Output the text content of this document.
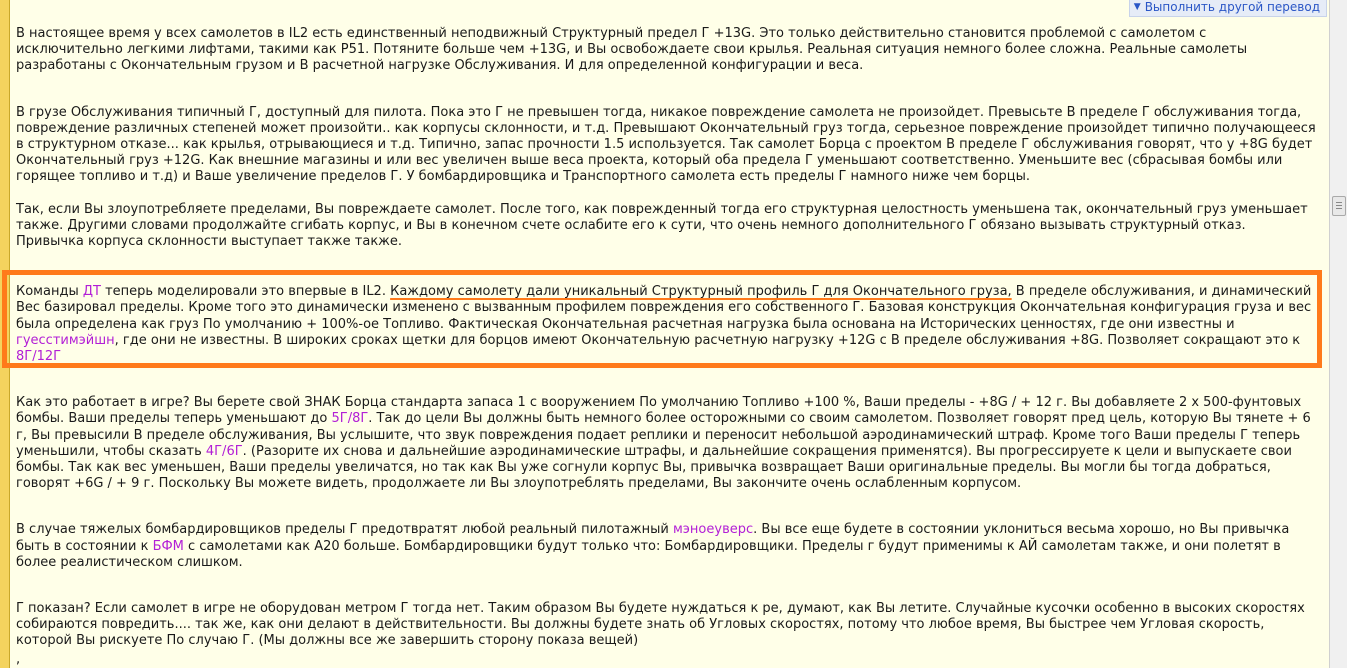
▼ Выполнить другой перевод

В настоящее время у всех самолетов в IL2 есть единственный неподвижный Структурный предел Г +13G. Это только действительно становится проблемой с самолетом с исключительно легкими лифтами, такими как P51. Потяните больше чем +13G, и Вы освобождаете свои крылья. Реальная ситуация немного более сложна. Реальные самолеты разработаны с Окончательным грузом и В расчетной нагрузке Обслуживания. И для определенной конфигурации и веса.

В грузе Обслуживания типичный Г, доступный для пилота. Пока это Г не превышен тогда, никакое повреждение самолета не произойдет. Превысьте В пределе Г обслуживания тогда, повреждение различных степеней может произойти.. как корпусы склонности, и т.д. Превышают Окончательный груз тогда, серьезное повреждение произойдет типично получающееся в структурном отказе... как крылья, отрывающиеся и т.д. Типично, запас прочности 1.5 используется. Так самолет Борца с проектом В пределе Г обслуживания говорят, что у +8G будет Окончательный груз +12G. Как внешние магазины и или вес увеличен выше веса проекта, который оба предела Г уменьшают соответственно. Уменьшите вес (сбрасывая бомбы или горящее топливо и т.д) и Ваше увеличение пределов Г. У бомбардировщика и Транспортного самолета есть пределы Г намного ниже чем борцы.

Так, если Вы злоупотребляете пределами, Вы повреждаете самолет. После того, как поврежденный тогда его структурная целостность уменьшена так, окончательный груз уменьшает также. Другими словами продолжайте сгибать корпус, и Вы в конечном счете ослабите его к сути, что очень немного дополнительного Г обязано вызывать структурный отказ. Привычка корпуса склонности выступает также также.

Команды ДТ теперь моделировали это впервые в IL2. Каждому самолету дали уникальный Структурный профиль Г для Окончательного груза, В пределе обслуживания, и динамический Вес базировал пределы. Кроме того это динамически изменено с вызванным профилем повреждения его собственного Г. Базовая конструкция Окончательная конфигурация груза и вес была определена как груз По умолчанию + 100%-ое Топливо. Фактическая Окончательная расчетная нагрузка была основана на Исторических ценностях, где они известны и гуесстимэйшн, где они не известны. В широких сроках щетки для борцов имеют Окончательную расчетную нагрузку +12G с В пределе обслуживания +8G. Позволяет сокращают это к 8Г/12Г

Как это работает в игре? Вы берете свой ЗНАК Борца стандарта запаса 1 с вооружением По умолчанию Топливо +100 %, Ваши пределы - +8G / + 12 г. Вы добавляете 2 x 500-фунтовых бомбы. Ваши пределы теперь уменьшают до 5Г/8Г. Так до цели Вы должны быть немного более осторожными со своим самолетом. Позволяет говорят пред цель, которую Вы тянете + 6 г, Вы превысили В пределе обслуживания, Вы услышите, что звук повреждения подает реплики и переносит небольшой аэродинамический штраф. Кроме того Ваши пределы Г теперь уменьшили, чтобы сказать 4Г/6Г. (Разорите их снова и дальнейшие аэродинамические штрафы, и дальнейшие сокращения применятся). Вы прогрессируете к цели и выпускаете свои бомбы. Так как вес уменьшен, Ваши пределы увеличатся, но так как Вы уже согнули корпус Вы, привычка возвращает Ваши оригинальные пределы. Вы могли бы тогда добраться, говорят +6G / + 9 г. Поскольку Вы можете видеть, продолжаете ли Вы злоупотреблять пределами, Вы закончите очень ослабленным корпусом.

В случае тяжелых бомбардировщиков пределы Г предотвратят любой реальный пилотажный мэноеуверс. Вы все еще будете в состоянии уклониться весьма хорошо, но Вы привычка быть в состоянии к БФМ с самолетами как A20 больше. Бомбардировщики будут только что: Бомбардировщики. Пределы г будут применимы к АЙ самолетам также, и они полетят в более реалистическом слишком.

Г показан? Если самолет в игре не оборудован метром Г тогда нет. Таким образом Вы будете нуждаться к ре, думают, как Вы летите. Случайные кусочки особенно в высоких скоростях собираются повредить.... так же, как они делают в действительности. Вы должны будете знать об Угловых скоростях, потому что любое время, Вы быстрее чем Угловая скорость, которой Вы рискуете По случаю Г. (Мы должны все же завершить сторону показа вещей)

,
